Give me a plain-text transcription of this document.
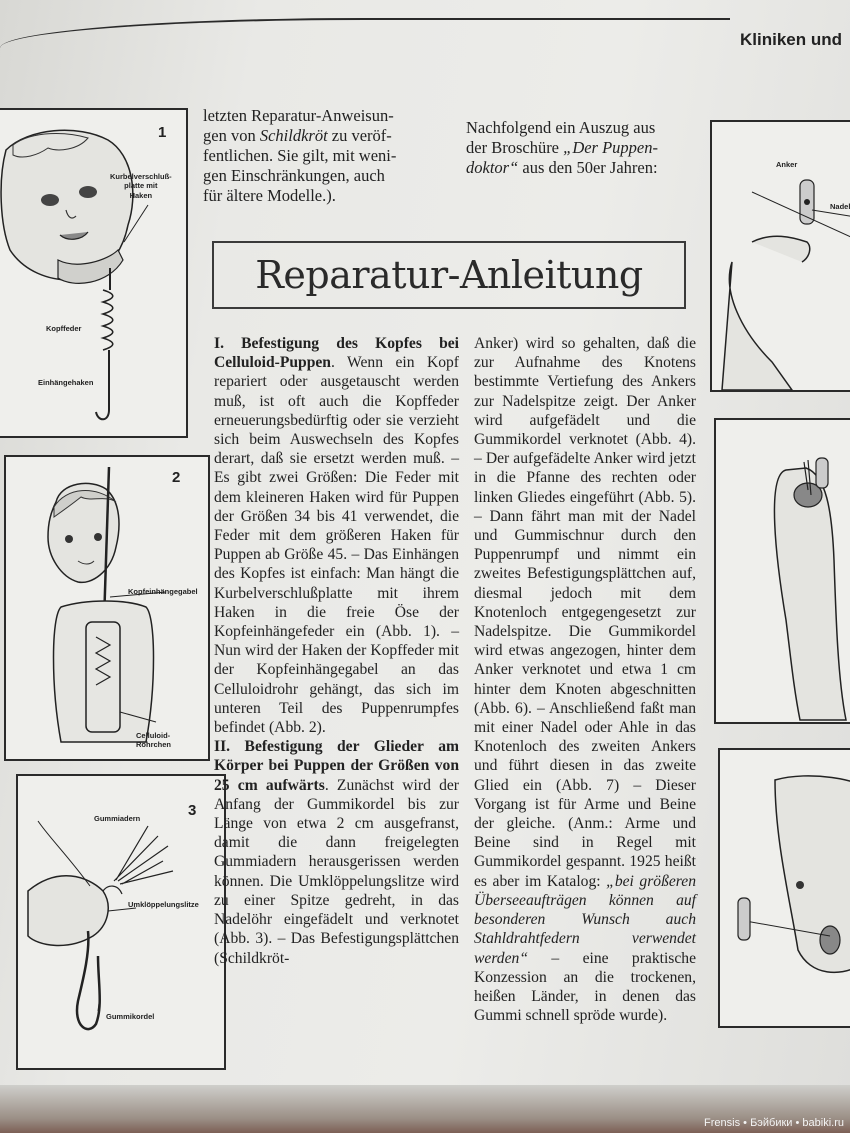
Kliniken und
1
Kurbelverschluß-
platte mit
Haken
Kopffeder
Einhängehaken
2
Kopfeinhängegabel
Celluloid-
Röhrchen
3
Gummiadern
Umklöppelungslitze
Gummikordel
Anker
Nadel
letzten Reparatur-Anweisun-
gen von Schildkröt zu veröf-
fentlichen. Sie gilt, mit weni-
gen Einschränkungen, auch
für ältere Modelle.).
Nachfolgend ein Auszug aus
der Broschüre „Der Puppen-
doktor“ aus den 50er Jahren:
Reparatur-Anleitung

I. Befestigung des Kopfes bei Celluloid-Puppen. Wenn ein Kopf repariert oder ausgetauscht werden muß, ist oft auch die Kopffeder erneuerungsbedürftig oder sie verzieht sich beim Auswechseln des Kopfes derart, daß sie ersetzt werden muß. – Es gibt zwei Größen: Die Feder mit dem kleineren Haken wird für Puppen der Größen 34 bis 41 verwendet, die Feder mit dem größeren Haken für Puppen ab Größe 45. – Das Einhängen des Kopfes ist einfach: Man hängt die Kurbelverschlußplatte mit ihrem Haken in die freie Öse der Kopfeinhängefeder ein (Abb. 1). – Nun wird der Haken der Kopffeder mit der Kopfeinhängegabel an das Celluloidrohr gehängt, das sich im unteren Teil des Puppenrumpfes befindet (Abb. 2).

II. Befestigung der Glieder am Körper bei Puppen der Größen von 25 cm aufwärts. Zunächst wird der Anfang der Gummikordel bis zur Länge von etwa 2 cm ausgefranst, damit die dann freigelegten Gummiadern herausgerissen werden können. Die Umklöppelungslitze wird zu einer Spitze gedreht, in das Nadelöhr eingefädelt und verknotet (Abb. 3). – Das Befestigungsplättchen (Schildkröt-

Anker) wird so gehalten, daß die zur Aufnahme des Knotens bestimmte Vertiefung des Ankers zur Nadelspitze zeigt. Der Anker wird aufgefädelt und die Gummikordel verknotet (Abb. 4). – Der aufgefädelte Anker wird jetzt in die Pfanne des rechten oder linken Gliedes eingeführt (Abb. 5). – Dann fährt man mit der Nadel und Gummischnur durch den Puppenrumpf und nimmt ein zweites Befestigungsplättchen auf, diesmal jedoch mit dem Knotenloch entgegengesetzt zur Nadelspitze. Die Gummikordel wird etwas angezogen, hinter dem Anker verknotet und etwa 1 cm hinter dem Knoten abgeschnitten (Abb. 6). – Anschließend faßt man mit einer Nadel oder Ahle in das Knotenloch des zweiten Ankers und führt diesen in das zweite Glied ein (Abb. 7) – Dieser Vorgang ist für Arme und Beine der gleiche. (Anm.: Arme und Beine sind in Regel mit Gummikordel gespannt. 1925 heißt es aber im Katalog: „bei größeren Überseeaufträgen können auf besonderen Wunsch auch Stahldrahtfedern verwendet werden“ – eine praktische Konzession an die trockenen, heißen Länder, in denen das Gummi schnell spröde wurde).

Frensis • Бэйбики • babiki.ru
